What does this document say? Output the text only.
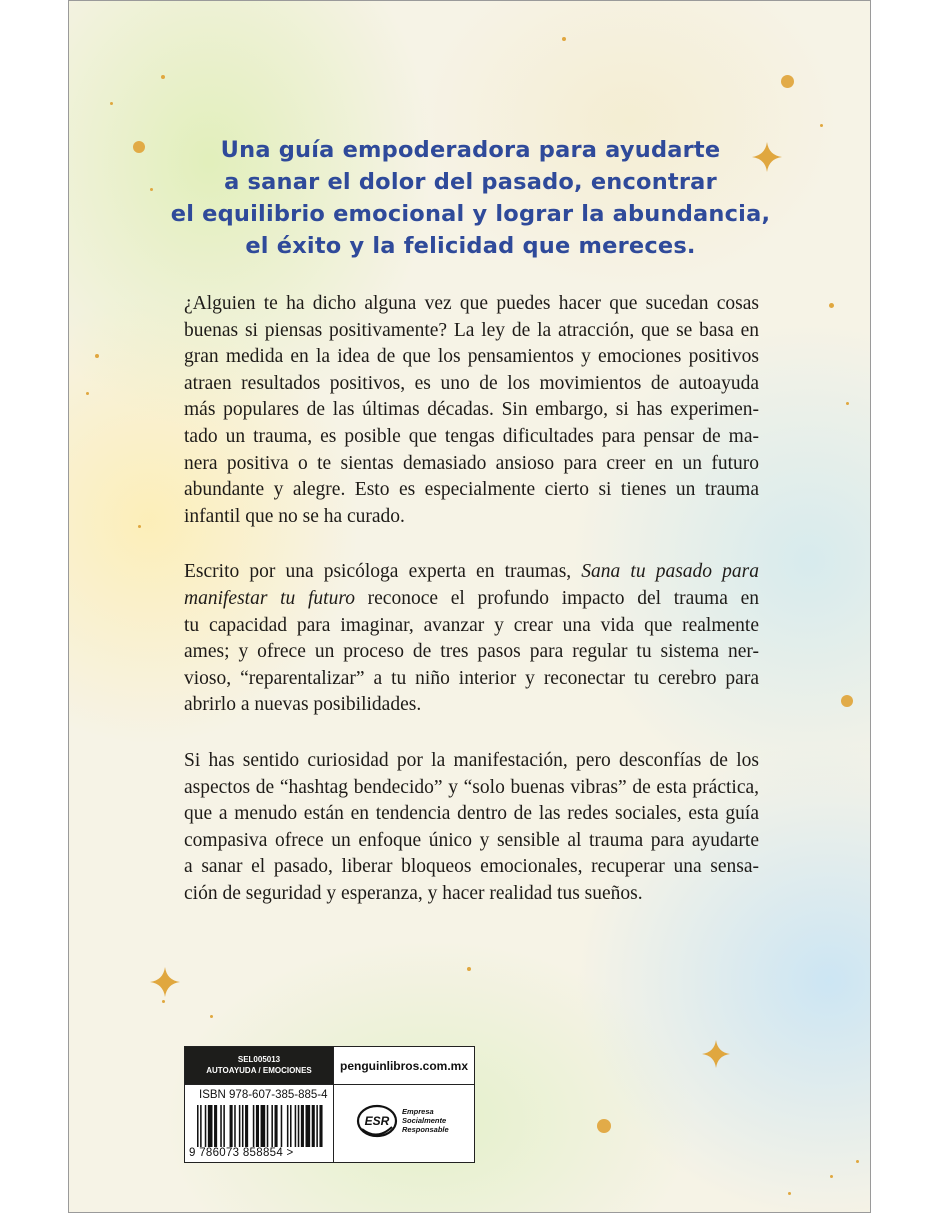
Una guía empoderadora para ayudarte
a sanar el dolor del pasado, encontrar
el equilibrio emocional y lograr la abundancia,
el éxito y la felicidad que mereces.
¿Alguien te ha dicho alguna vez que puedes hacer que sucedan cosas
buenas si piensas positivamente? La ley de la atracción, que se basa en
gran medida en la idea de que los pensamientos y emociones positivos
atraen resultados positivos, es uno de los movimientos de autoayuda
más populares de las últimas décadas. Sin embargo, si has experimen-
tado un trauma, es posible que tengas dificultades para pensar de ma-
nera positiva o te sientas demasiado ansioso para creer en un futuro
abundante y alegre. Esto es especialmente cierto si tienes un trauma
infantil que no se ha curado.
Escrito por una psicóloga experta en traumas, Sana tu pasado para
manifestar tu futuro reconoce el profundo impacto del trauma en
tu capacidad para imaginar, avanzar y crear una vida que realmente
ames; y ofrece un proceso de tres pasos para regular tu sistema ner-
vioso, “reparentalizar” a tu niño interior y reconectar tu cerebro para
abrirlo a nuevas posibilidades.
Si has sentido curiosidad por la manifestación, pero desconfías de los
aspectos de “hashtag bendecido” y “solo buenas vibras” de esta práctica,
que a menudo están en tendencia dentro de las redes sociales, esta guía
compasiva ofrece un enfoque único y sensible al trauma para ayudarte
a sanar el pasado, liberar bloqueos emocionales, recuperar una sensa-
ción de seguridad y esperanza, y hacer realidad tus sueños.
SEL005013
AUTOAYUDA / EMOCIONES	penguinlibros.com.mx
ISBN 978-607-385-885-4
9 786073 858854 >
ESR
Empresa
Socialmente
Responsable
